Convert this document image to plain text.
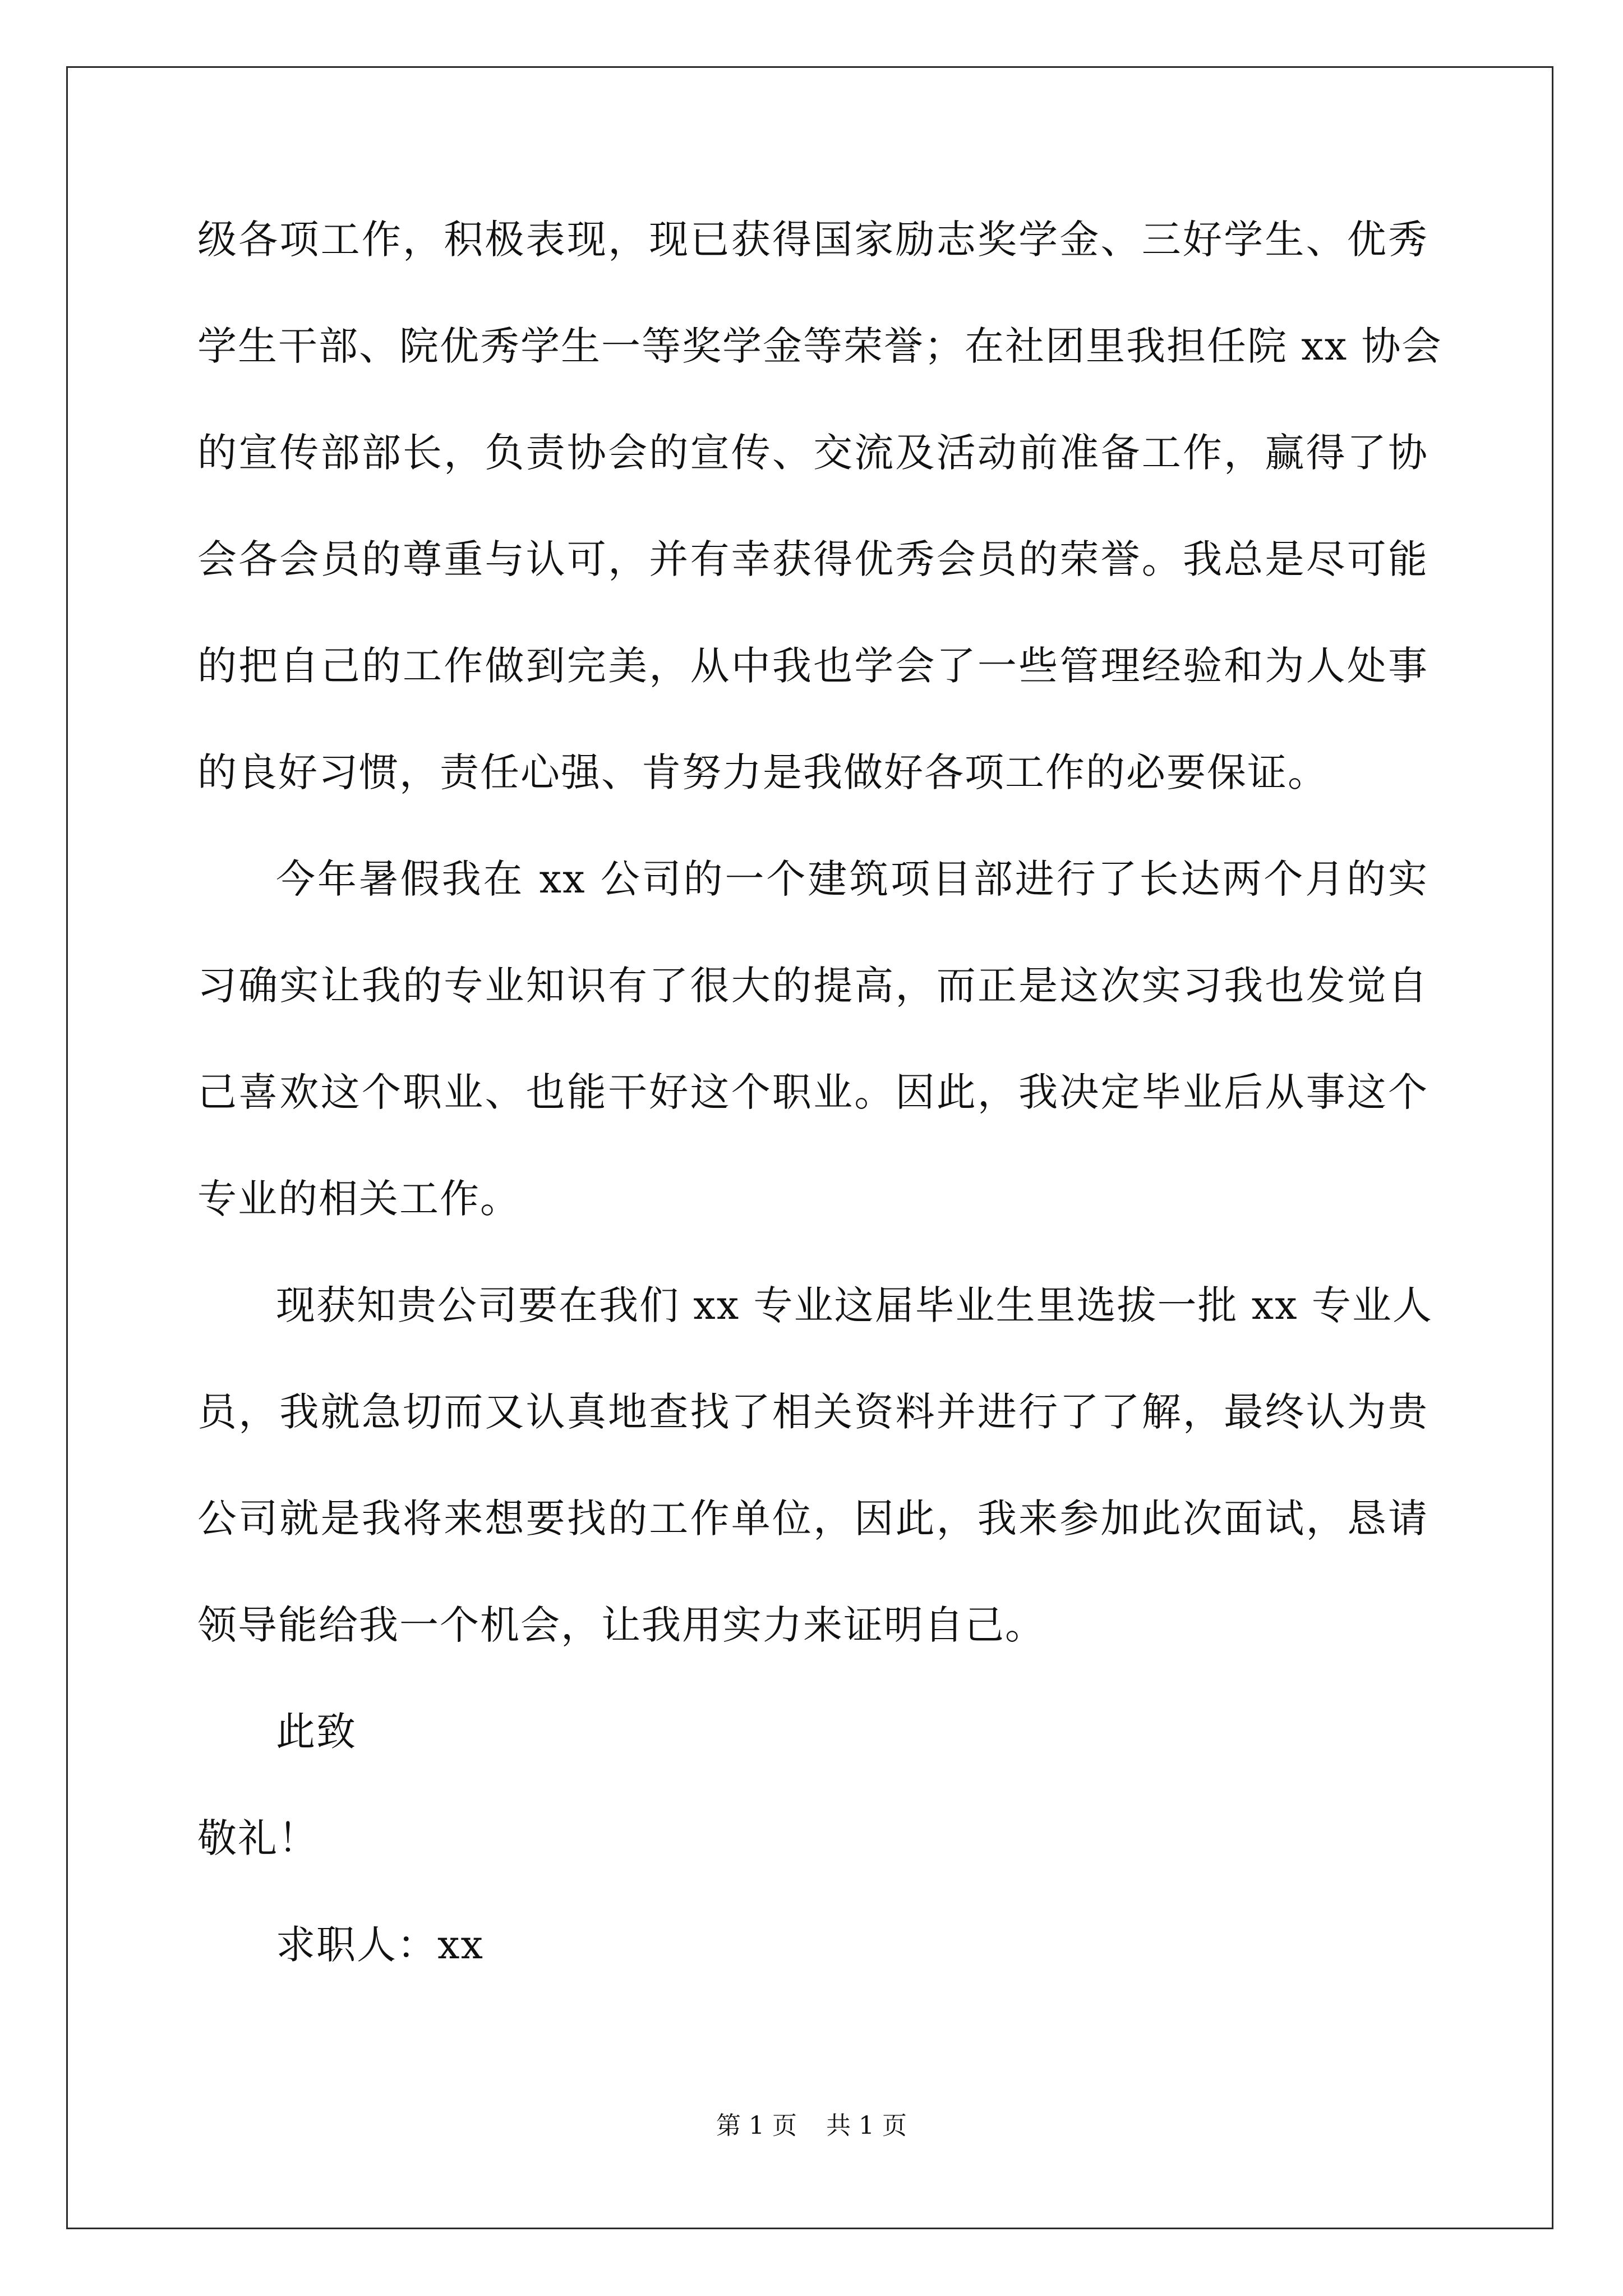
级各项工作，积极表现，现已获得国家励志奖学金、三好学生、优秀
学生干部、院优秀学生一等奖学金等荣誉；在社团里我担任院 xx 协会
的宣传部部长，负责协会的宣传、交流及活动前准备工作，赢得了协
会各会员的尊重与认可，并有幸获得优秀会员的荣誉。我总是尽可能
的把自己的工作做到完美，从中我也学会了一些管理经验和为人处事
的良好习惯，责任心强、肯努力是我做好各项工作的必要保证。
今年暑假我在 xx 公司的一个建筑项目部进行了长达两个月的实
习确实让我的专业知识有了很大的提高，而正是这次实习我也发觉自
己喜欢这个职业、也能干好这个职业。因此，我决定毕业后从事这个
专业的相关工作。
现获知贵公司要在我们 xx 专业这届毕业生里选拔一批 xx 专业人
员，我就急切而又认真地查找了相关资料并进行了了解，最终认为贵
公司就是我将来想要找的工作单位，因此，我来参加此次面试，恳请
领导能给我一个机会，让我用实力来证明自己。
此致
敬礼！
求职人：xx
第 1 页 共 1 页
